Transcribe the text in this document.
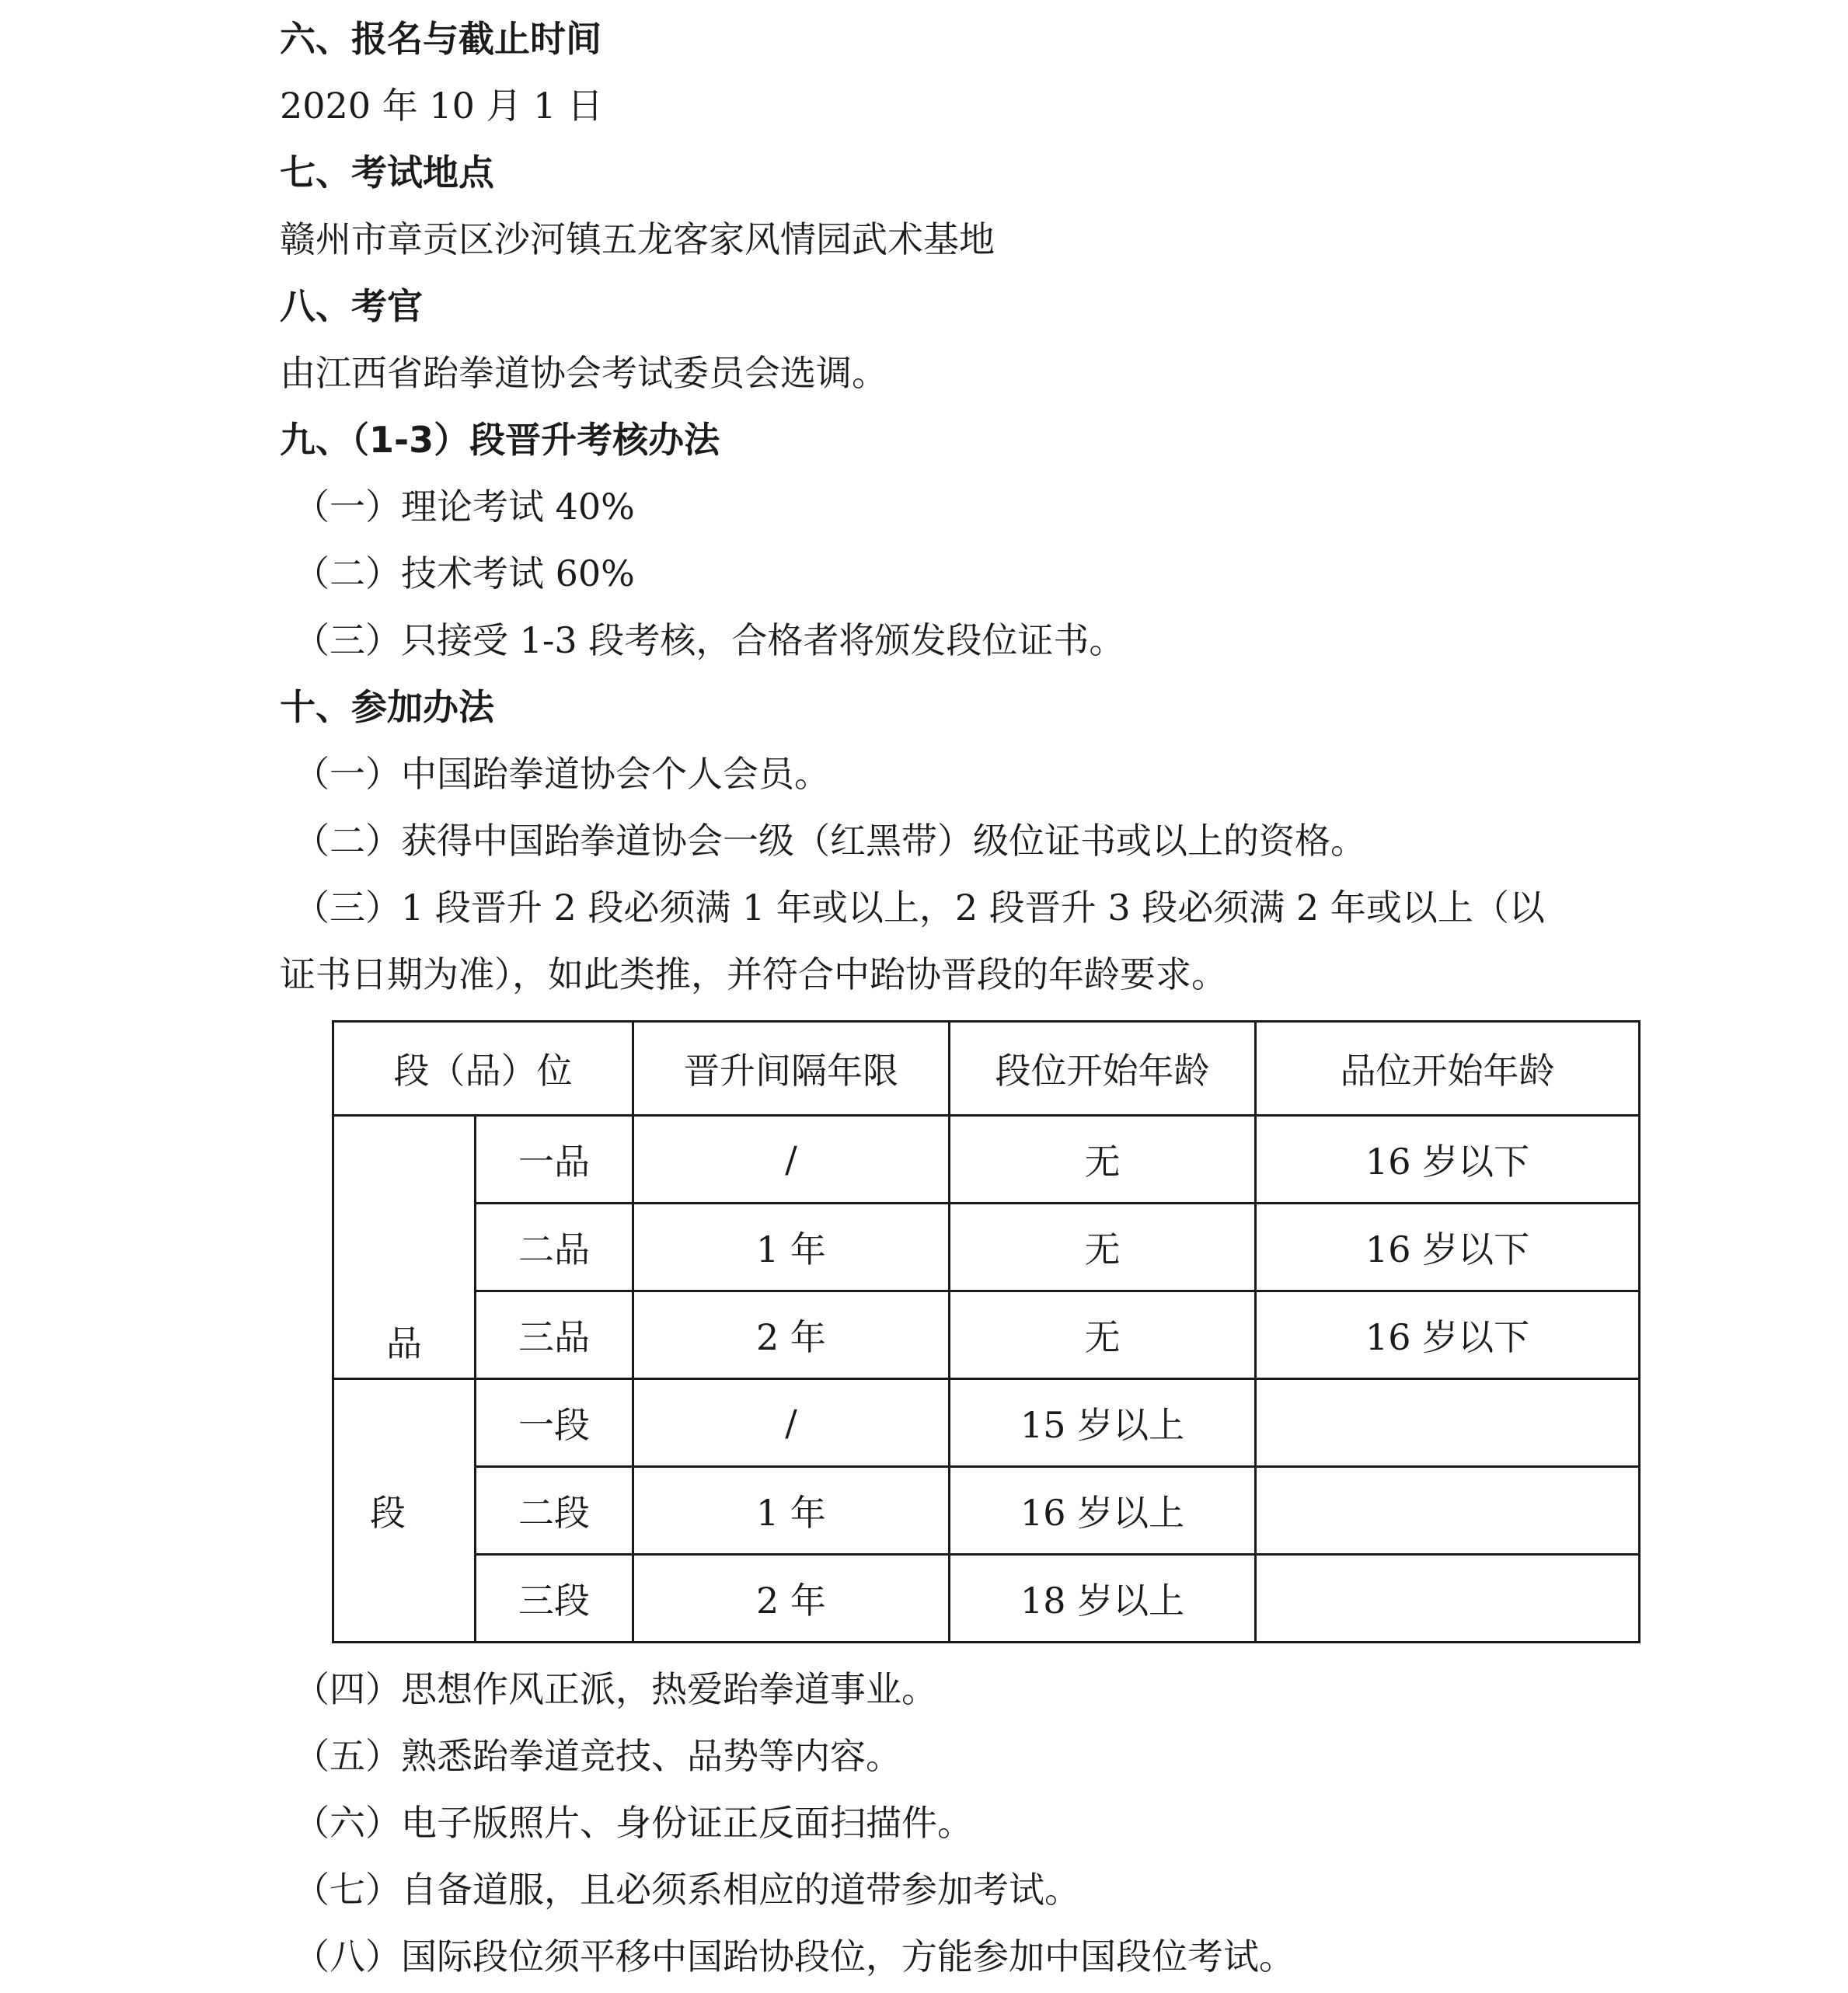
六、报名与截止时间

2020 年 10 月 1 日

七、考试地点

赣州市章贡区沙河镇五龙客家风情园武术基地

八、考官

由江西省跆拳道协会考试委员会选调。

九、（1-3）段晋升考核办法

（一）理论考试 40%

（二）技术考试 60%

（三）只接受 1-3 段考核，合格者将颁发段位证书。

十、参加办法

（一）中国跆拳道协会个人会员。

（二）获得中国跆拳道协会一级（红黑带）级位证书或以上的资格。

（三）1 段晋升 2 段必须满 1 年或以上，2 段晋升 3 段必须满 2 年或以上（以

证书日期为准），如此类推，并符合中跆协晋段的年龄要求。

段（品）位		晋升间隔年限	段位开始年龄	品位开始年龄
品	一品	/	无	16 岁以下
	二品	1 年	无	16 岁以下
	三品	2 年	无	16 岁以下
段	一段	/	15 岁以上	
	二段	1 年	16 岁以上	
	三段	2 年	18 岁以上	

（四）思想作风正派，热爱跆拳道事业。

（五）熟悉跆拳道竞技、品势等内容。

（六）电子版照片、身份证正反面扫描件。

（七）自备道服，且必须系相应的道带参加考试。

（八）国际段位须平移中国跆协段位，方能参加中国段位考试。
